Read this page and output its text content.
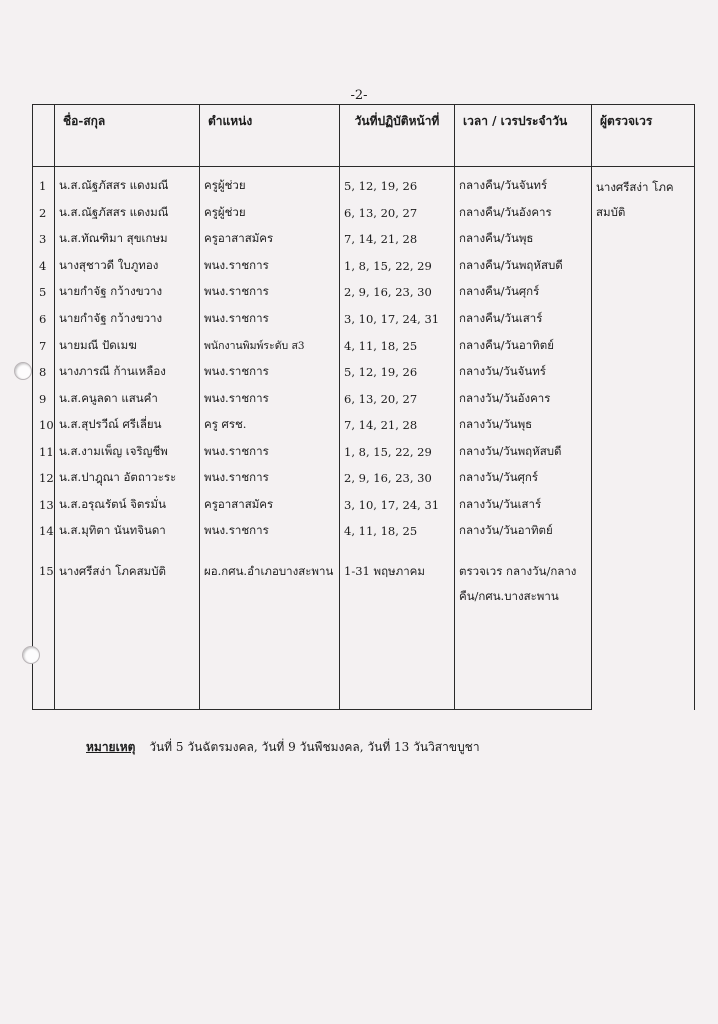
-2-
	ชื่อ-สกุล	ตำแหน่ง	วันที่ปฏิบัติหน้าที่	เวลา / เวรประจำวัน	ผู้ตรวจเวร
1	น.ส.ณัฐภัสสร แดงมณี	ครูผู้ช่วย	5, 12, 19, 26	กลางคืน/วันจันทร์	นางศรีสง่า โภคสมบัติ
2	น.ส.ณัฐภัสสร แดงมณี	ครูผู้ช่วย	6, 13, 20, 27	กลางคืน/วันอังคาร	
3	น.ส.ทัณฑิมา สุขเกษม	ครูอาสาสมัคร	7, 14, 21, 28	กลางคืน/วันพุธ	
4	นางสุชาวดี ใบภูทอง	พนง.ราชการ	1, 8, 15, 22, 29	กลางคืน/วันพฤหัสบดี	
5	นายกำจัฐ กว้างขวาง	พนง.ราชการ	2, 9, 16, 23, 30	กลางคืน/วันศุกร์	
6	นายกำจัฐ กว้างขวาง	พนง.ราชการ	3, 10, 17, 24, 31	กลางคืน/วันเสาร์	
7	นายมณี ปัดเมฆ	พนักงานพิมพ์ระดับ ส3	4, 11, 18, 25	กลางคืน/วันอาทิตย์	
8	นางภารณี ก้านเหลือง	พนง.ราชการ	5, 12, 19, 26	กลางวัน/วันจันทร์	
9	น.ส.คนูลดา แสนคำ	พนง.ราชการ	6, 13, 20, 27	กลางวัน/วันอังคาร	
10	น.ส.สุปรวีณ์ ศรีเลี่ยน	ครู ศรช.	7, 14, 21, 28	กลางวัน/วันพุธ	
11	น.ส.งามเพ็ญ เจริญชีพ	พนง.ราชการ	1, 8, 15, 22, 29	กลางวัน/วันพฤหัสบดี	
12	น.ส.ปาฎุณา อัตถาวะระ	พนง.ราชการ	2, 9, 16, 23, 30	กลางวัน/วันศุกร์	
13	น.ส.อรุณรัตน์ จิตรมั่น	ครูอาสาสมัคร	3, 10, 17, 24, 31	กลางวัน/วันเสาร์	
14	น.ส.มุทิตา นันทจินดา	พนง.ราชการ	4, 11, 18, 25	กลางวัน/วันอาทิตย์	
15	นางศรีสง่า โภคสมบัติ	ผอ.กศน.อำเภอบางสะพาน	1-31 พฤษภาคม	ตรวจเวร กลางวัน/กลางคืน/กศน.บางสะพาน	
หมายเหตุ วันที่ 5 วันฉัตรมงคล, วันที่ 9 วันพืชมงคล, วันที่ 13 วันวิสาขบูชา
